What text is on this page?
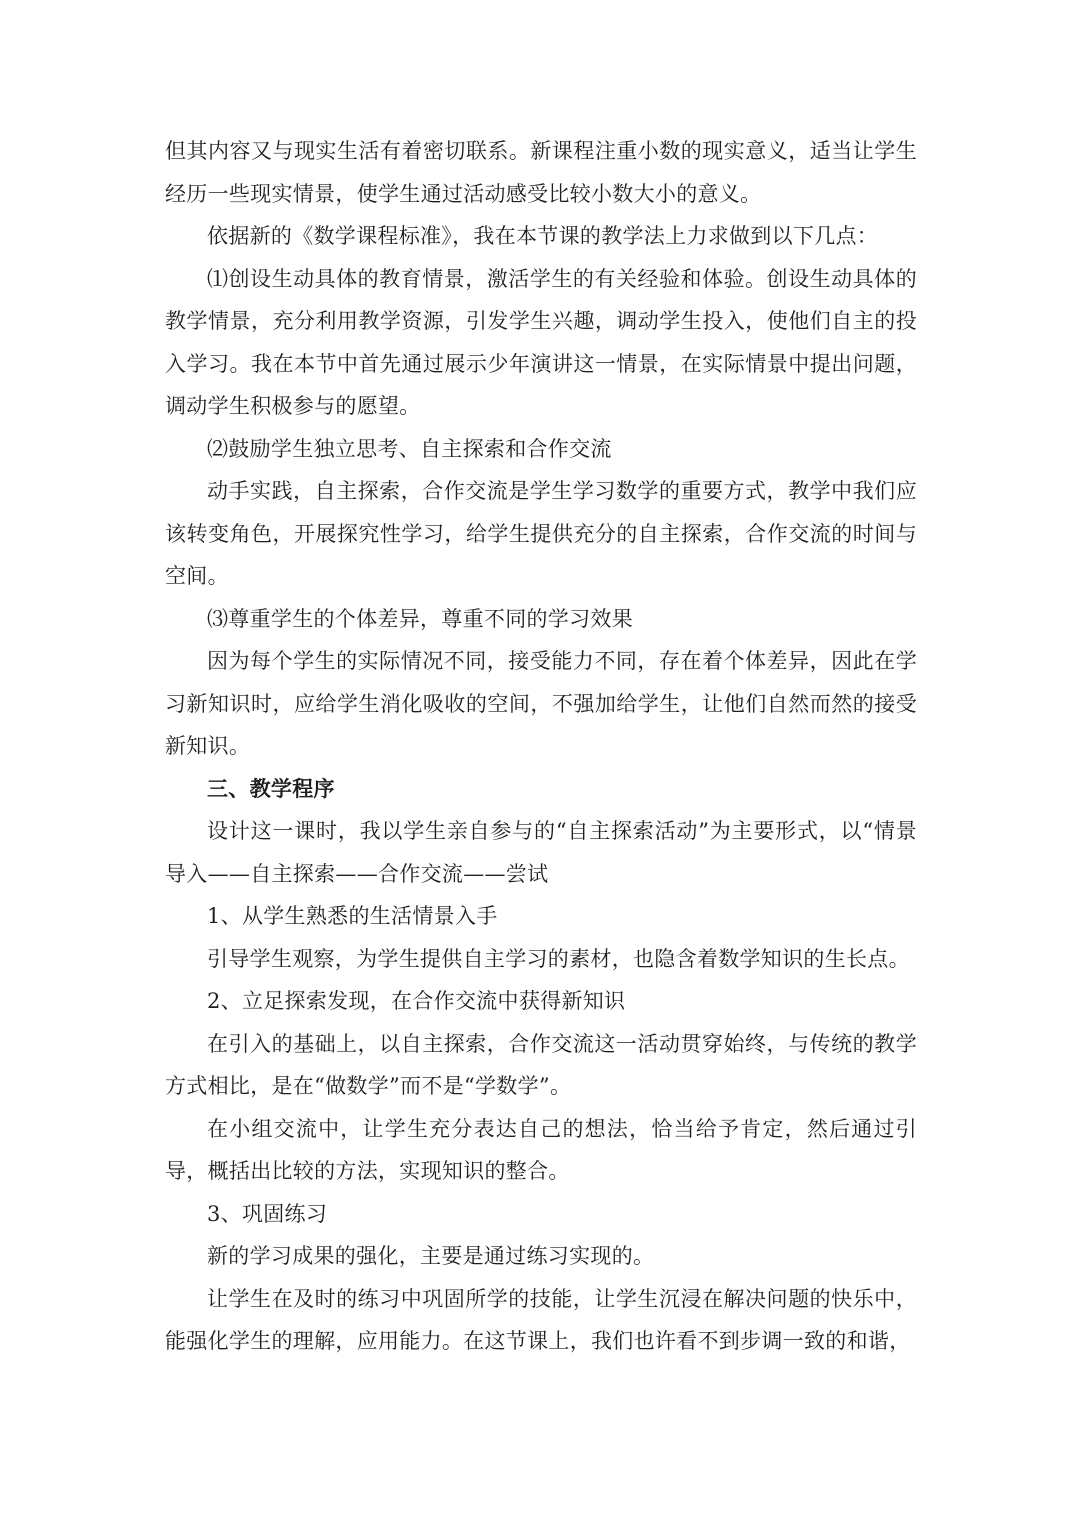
但其内容又与现实生活有着密切联系。新课程注重小数的现实意义，适当让学生经历一些现实情景，使学生通过活动感受比较小数大小的意义。

依据新的《数学课程标准》，我在本节课的教学法上力求做到以下几点：

⑴创设生动具体的教育情景，激活学生的有关经验和体验。创设生动具体的教学情景，充分利用教学资源，引发学生兴趣，调动学生投入，使他们自主的投入学习。我在本节中首先通过展示少年演讲这一情景，在实际情景中提出问题，调动学生积极参与的愿望。

⑵鼓励学生独立思考、自主探索和合作交流

动手实践，自主探索，合作交流是学生学习数学的重要方式，教学中我们应该转变角色，开展探究性学习，给学生提供充分的自主探索，合作交流的时间与空间。

⑶尊重学生的个体差异，尊重不同的学习效果

因为每个学生的实际情况不同，接受能力不同，存在着个体差异，因此在学习新知识时，应给学生消化吸收的空间，不强加给学生，让他们自然而然的接受新知识。

三、教学程序

设计这一课时，我以学生亲自参与的“自主探索活动”为主要形式，以“情景导入——自主探索——合作交流——尝试

1、从学生熟悉的生活情景入手

引导学生观察，为学生提供自主学习的素材，也隐含着数学知识的生长点。

2、立足探索发现，在合作交流中获得新知识

在引入的基础上，以自主探索，合作交流这一活动贯穿始终，与传统的教学方式相比，是在“做数学”而不是“学数学”。

在小组交流中，让学生充分表达自己的想法，恰当给予肯定，然后通过引导，概括出比较的方法，实现知识的整合。

3、巩固练习

新的学习成果的强化，主要是通过练习实现的。

让学生在及时的练习中巩固所学的技能，让学生沉浸在解决问题的快乐中，能强化学生的理解，应用能力。在这节课上，我们也许看不到步调一致的和谐，
